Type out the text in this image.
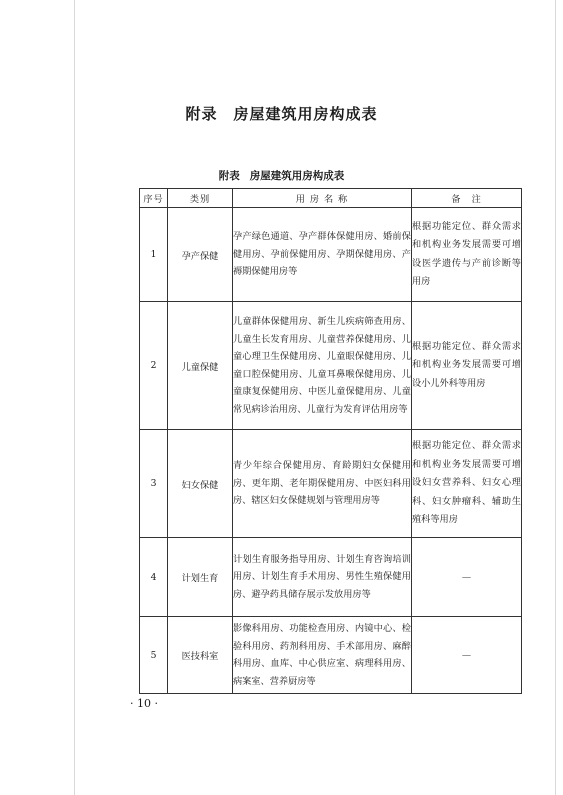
附录 房屋建筑用房构成表
附表 房屋建筑用房构成表
序号	类别	用 房 名 称	备　注
1	孕产保健	孕产绿色通道、孕产群体保健用房、婚前保健用房、孕前保健用房、孕期保健用房、产褥期保健用房等	根据功能定位、群众需求和机构业务发展需要可增设医学遗传与产前诊断等用房
2	儿童保健	儿童群体保健用房、新生儿疾病筛查用房、儿童生长发育用房、儿童营养保健用房、儿童心理卫生保健用房、儿童眼保健用房、儿童口腔保健用房、儿童耳鼻喉保健用房、儿童康复保健用房、中医儿童保健用房、儿童常见病诊治用房、儿童行为发育评估用房等	根据功能定位、群众需求和机构业务发展需要可增设小儿外科等用房
3	妇女保健	青少年综合保健用房、育龄期妇女保健用房、更年期、老年期保健用房、中医妇科用房、辖区妇女保健规划与管理用房等	根据功能定位、群众需求和机构业务发展需要可增设妇女营养科、妇女心理科、妇女肿瘤科、辅助生殖科等用房
4	计划生育	计划生育服务指导用房、计划生育咨询培训用房、计划生育手术用房、男性生殖保健用房、避孕药具储存展示发放用房等	—
5	医技科室	影像科用房、功能检查用房、内镜中心、检验科用房、药剂科用房、手术部用房、麻醉科用房、血库、中心供应室、病理科用房、病案室、营养厨房等	—
· 10 ·
